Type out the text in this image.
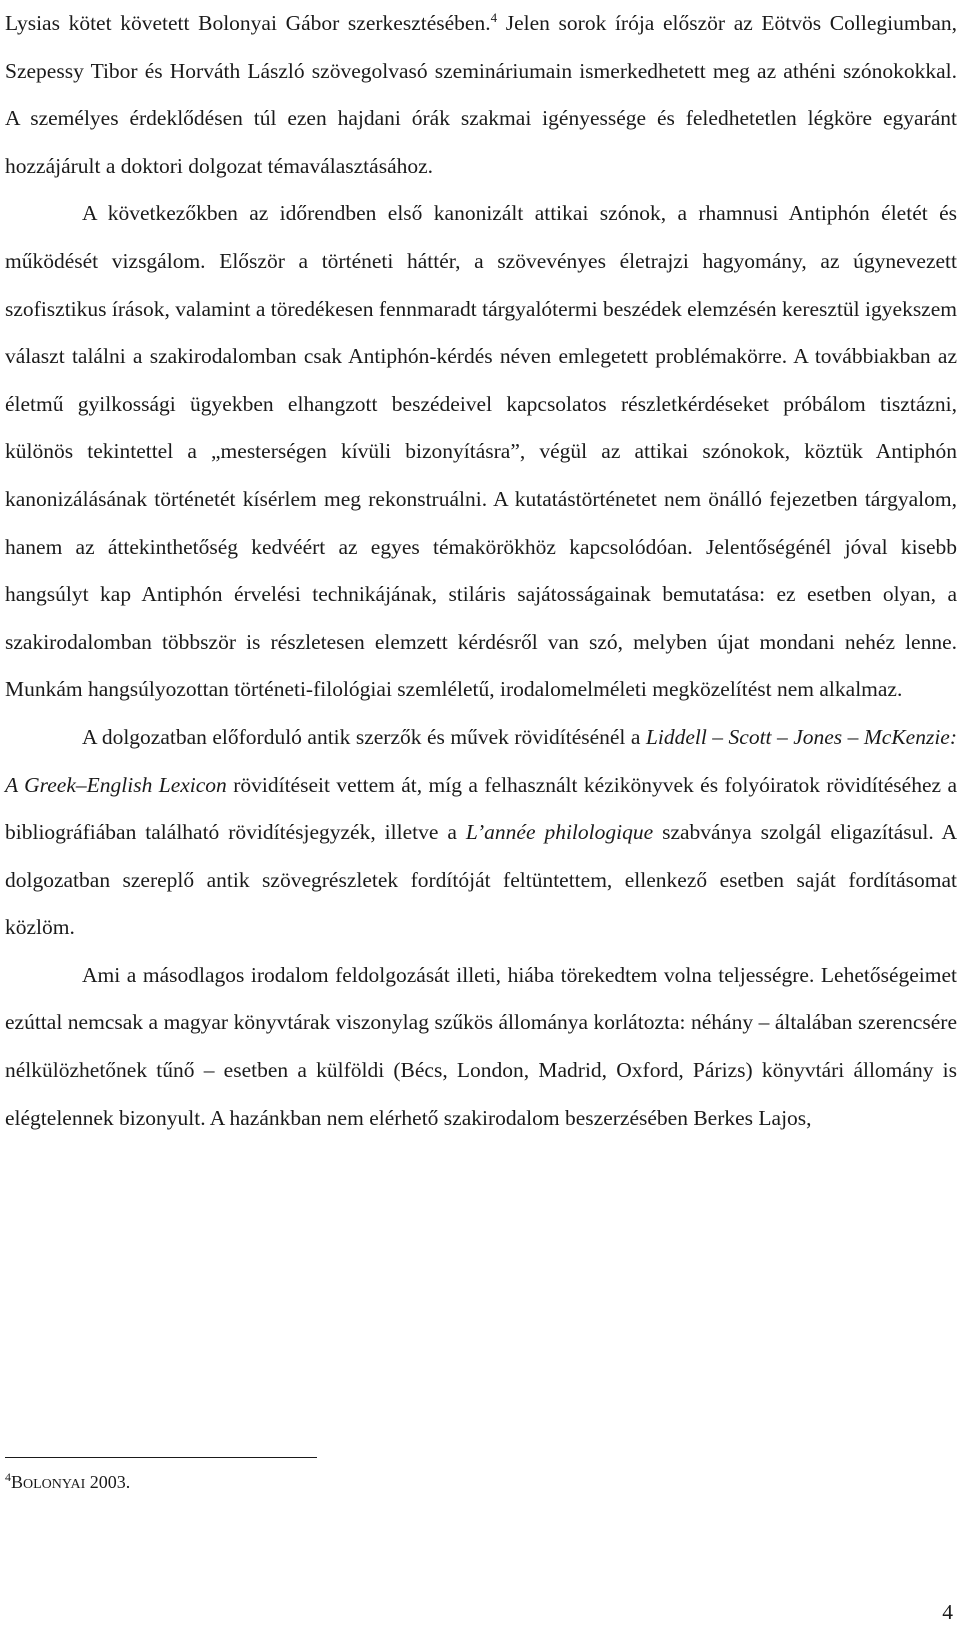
Lysias kötet követett Bolonyai Gábor szerkesztésében.$^4$ Jelen sorok írója először az Eötvös Collegiumban, Szepessy Tibor és Horváth László szövegolvasó szemináriumain ismerkedhetett meg az athéni szónokokkal. A személyes érdeklődésen túl ezen hajdani órák szakmai igényessége és feledhetetlen légköre egyaránt hozzájárult a doktori dolgozat témaválasztásához.

A következőkben az időrendben első kanonizált attikai szónok, a rhamnusi Antiphón életét és működését vizsgálom. Először a történeti háttér, a szövevényes életrajzi hagyomány, az úgynevezett szofisztikus írások, valamint a töredékesen fennmaradt tárgyalótermi beszédek elemzésén keresztül igyekszem választ találni a szakirodalomban csak Antiphón-kérdés néven emlegetett problémakörre. A továbbiakban az életmű gyilkossági ügyekben elhangzott beszédeivel kapcsolatos részletkérdéseket próbálom tisztázni, különös tekintettel a „mesterségen kívüli bizonyításra”, végül az attikai szónokok, köztük Antiphón kanonizálásának történetét kísérlem meg rekonstruálni. A kutatástörténetet nem önálló fejezetben tárgyalom, hanem az áttekinthetőség kedvéért az egyes témakörökhöz kapcsolódóan. Jelentőségénél jóval kisebb hangsúlyt kap Antiphón érvelési technikájának, stiláris sajátosságainak bemutatása: ez esetben olyan, a szakirodalomban többször is részletesen elemzett kérdésről van szó, melyben újat mondani nehéz lenne. Munkám hangsúlyozottan történeti-filológiai szemléletű, irodalomelméleti megközelítést nem alkalmaz.

A dolgozatban előforduló antik szerzők és művek rövidítésénél a Liddell – Scott – Jones – McKenzie: A Greek–English Lexicon rövidítéseit vettem át, míg a felhasznált kézikönyvek és folyóiratok rövidítéséhez a bibliográfiában található rövidítésjegyzék, illetve a L’année philologique szabványa szolgál eligazításul. A dolgozatban szereplő antik szövegrészletek fordítóját feltüntettem, ellenkező esetben saját fordításomat közlöm.

Ami a másodlagos irodalom feldolgozását illeti, hiába törekedtem volna teljességre. Lehetőségeimet ezúttal nemcsak a magyar könyvtárak viszonylag szűkös állománya korlátozta: néhány – általában szerencsére nélkülözhetőnek tűnő – esetben a külföldi (Bécs, London, Madrid, Oxford, Párizs) könyvtári állomány is elégtelennek bizonyult. A hazánkban nem elérhető szakirodalom beszerzésében Berkes Lajos,

$^4$BOLONYAI 2003.
4
